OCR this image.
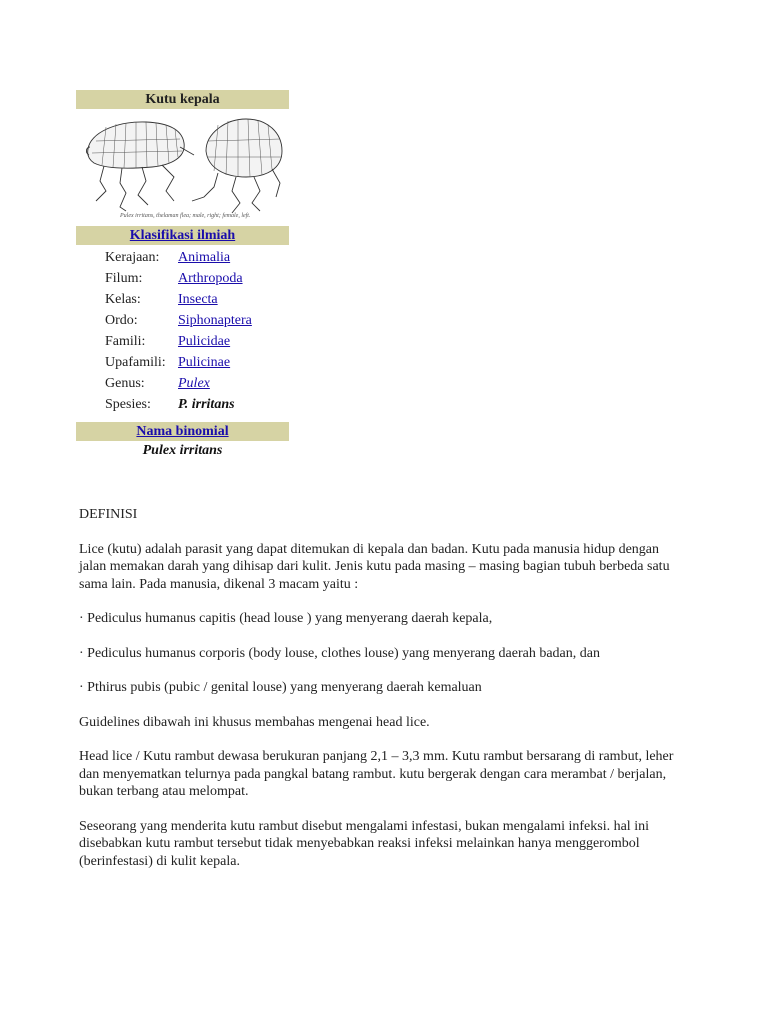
Kutu kepala
Pulex irritans, thelaman flea; male, right; female, left.
Klasifikasi ilmiah
Kerajaan: Animalia
Filum:	Arthropoda
Kelas:	Insecta
Ordo:	Siphonaptera
Famili: Pulicidae
Upafamili: Pulicinae
Genus: Pulex
Spesies: P. irritans
Nama binomial
Pulex irritans

DEFINISI

Lice (kutu) adalah parasit yang dapat ditemukan di kepala dan badan. Kutu pada manusia hidup dengan jalan memakan darah yang dihisap dari kulit. Jenis kutu pada masing – masing bagian tubuh berbeda satu sama lain. Pada manusia, dikenal 3 macam yaitu :

· Pediculus humanus capitis (head louse ) yang menyerang daerah kepala,

· Pediculus humanus corporis (body louse, clothes louse) yang menyerang daerah badan, dan

· Pthirus pubis (pubic / genital louse) yang menyerang daerah kemaluan

Guidelines dibawah ini khusus membahas mengenai head lice.

Head lice / Kutu rambut dewasa berukuran panjang 2,1 – 3,3 mm. Kutu rambut bersarang di rambut, leher dan menyematkan telurnya pada pangkal batang rambut. kutu bergerak dengan cara merambat / berjalan, bukan terbang atau melompat.

Seseorang yang menderita kutu rambut disebut mengalami infestasi, bukan mengalami infeksi. hal ini disebabkan kutu rambut tersebut tidak menyebabkan reaksi infeksi melainkan hanya menggerombol (berinfestasi) di kulit kepala.
